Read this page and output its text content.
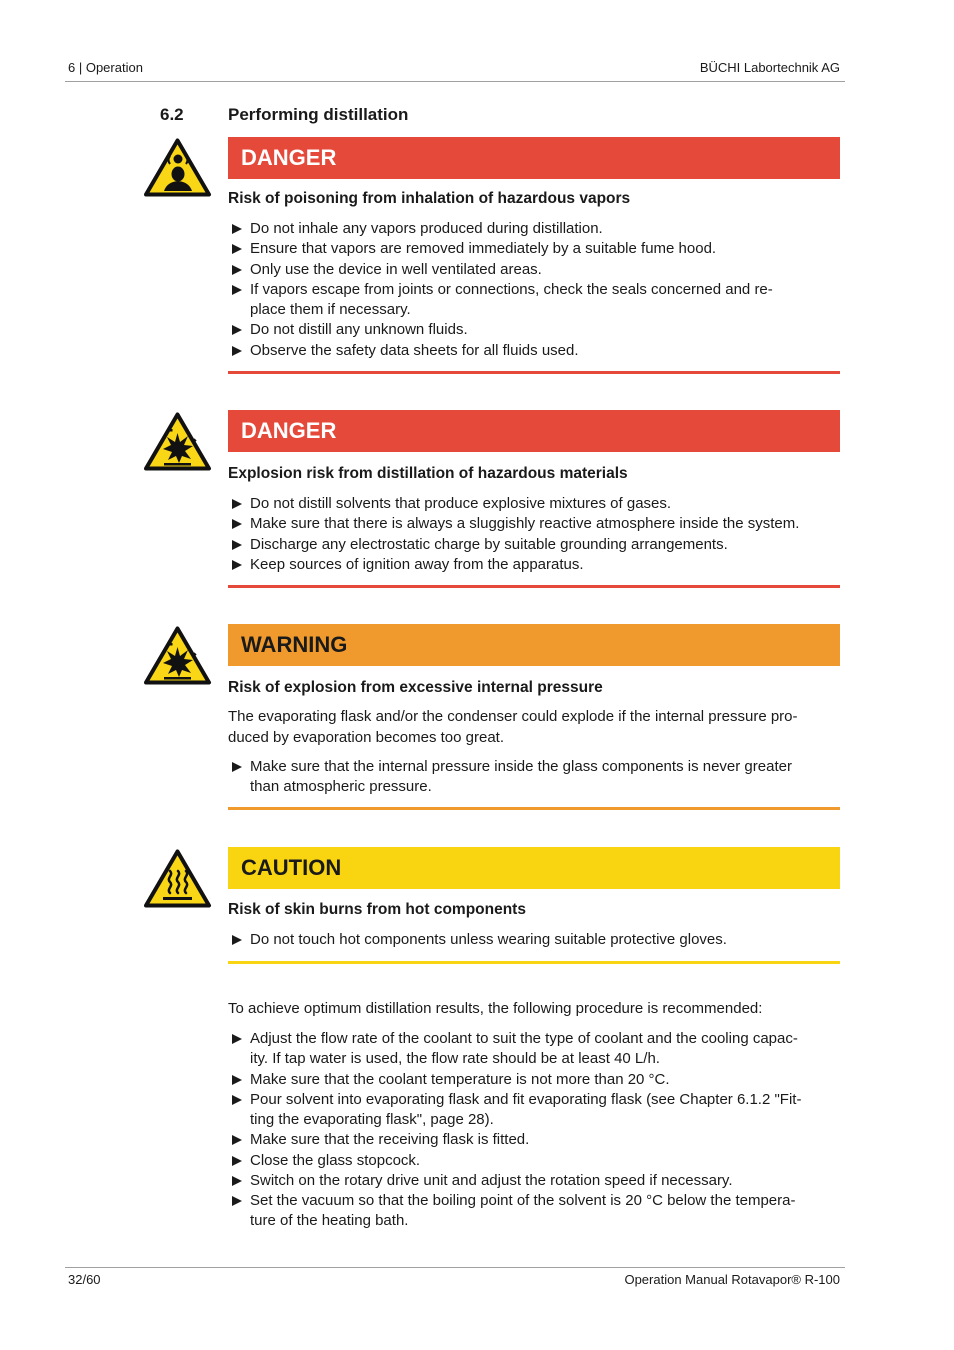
6 | Operation	BÜCHI Labortechnik AG
6.2	Performing distillation
DANGER
Risk of poisoning from inhalation of hazardous vapors
Do not inhale any vapors produced during distillation.
Ensure that vapors are removed immediately by a suitable fume hood.
Only use the device in well ventilated areas.
If vapors escape from joints or connections, check the seals concerned and re-
place them if necessary.
Do not distill any unknown fluids.
Observe the safety data sheets for all fluids used.
DANGER
Explosion risk from distillation of hazardous materials
Do not distill solvents that produce explosive mixtures of gases.
Make sure that there is always a sluggishly reactive atmosphere inside the system.
Discharge any electrostatic charge by suitable grounding arrangements.
Keep sources of ignition away from the apparatus.
WARNING
Risk of explosion from excessive internal pressure
The evaporating flask and/or the condenser could explode if the internal pressure pro-
duced by evaporation becomes too great.
Make sure that the internal pressure inside the glass components is never greater
than atmospheric pressure.
CAUTION
Risk of skin burns from hot components
Do not touch hot components unless wearing suitable protective gloves.
To achieve optimum distillation results, the following procedure is recommended:
Adjust the flow rate of the coolant to suit the type of coolant and the cooling capac-
ity. If tap water is used, the flow rate should be at least 40 L/h.
Make sure that the coolant temperature is not more than 20 °C.
Pour solvent into evaporating flask and fit evaporating flask (see Chapter 6.1.2 "Fit-
ting the evaporating flask", page 28).
Make sure that the receiving flask is fitted.
Close the glass stopcock.
Switch on the rotary drive unit and adjust the rotation speed if necessary.
Set the vacuum so that the boiling point of the solvent is 20 °C below the tempera-
ture of the heating bath.
32/60	Operation Manual Rotavapor® R-100
